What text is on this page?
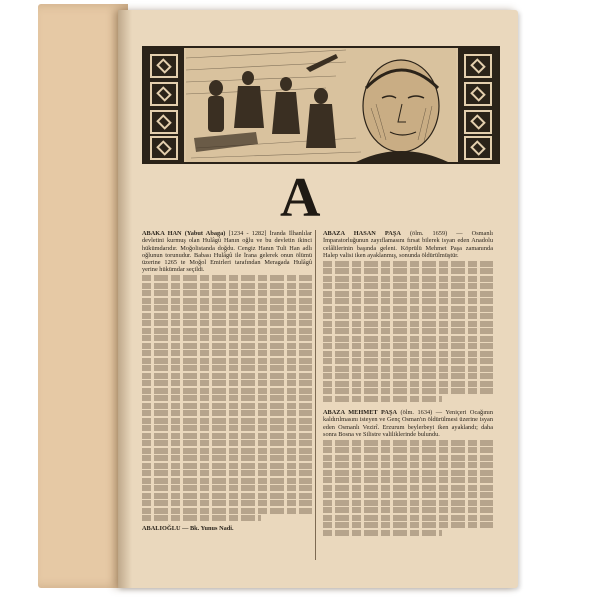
A
ABAKA HAN (Yabut Abaga) [1234 - 1282] İranda İlhanlılar devletini kurmuş olan Hulâgû Hanın oğlu ve bu devletin ikinci hükümdarıdır. Moğolistanda doğdu. Cengiz Hanın Tuli Han adlı oğlunun torunudur. Babası Hulâgû ile İrana gelerek onun ölümü üzerine 1265 te Moğol Emirleri tarafından Meragada Hulâgû yerine hükümdar seçildi.
ABALIOĞLU — Bk. Yunus Nadi.
ABAZA HASAN PAŞA (ölm. 1659) — Osmanlı İmparatorluğunun zayıflamasını fırsat bilerek isyan eden Anadolu celâlilerinin başında geleni. Köprülü Mehmet Paşa zamanında Halep valisi iken ayaklanmış, sonunda öldürülmüştür.
ABAZA MEHMET PAŞA (ölm. 1634) — Yeniçeri Ocağının kaldırılmasını isteyen ve Genç Osman'ın öldürülmesi üzerine isyan eden Osmanlı Vezirî. Erzurum beylerbeyi iken ayaklandı; daha sonra Bosna ve Silistre valiliklerinde bulundu.
